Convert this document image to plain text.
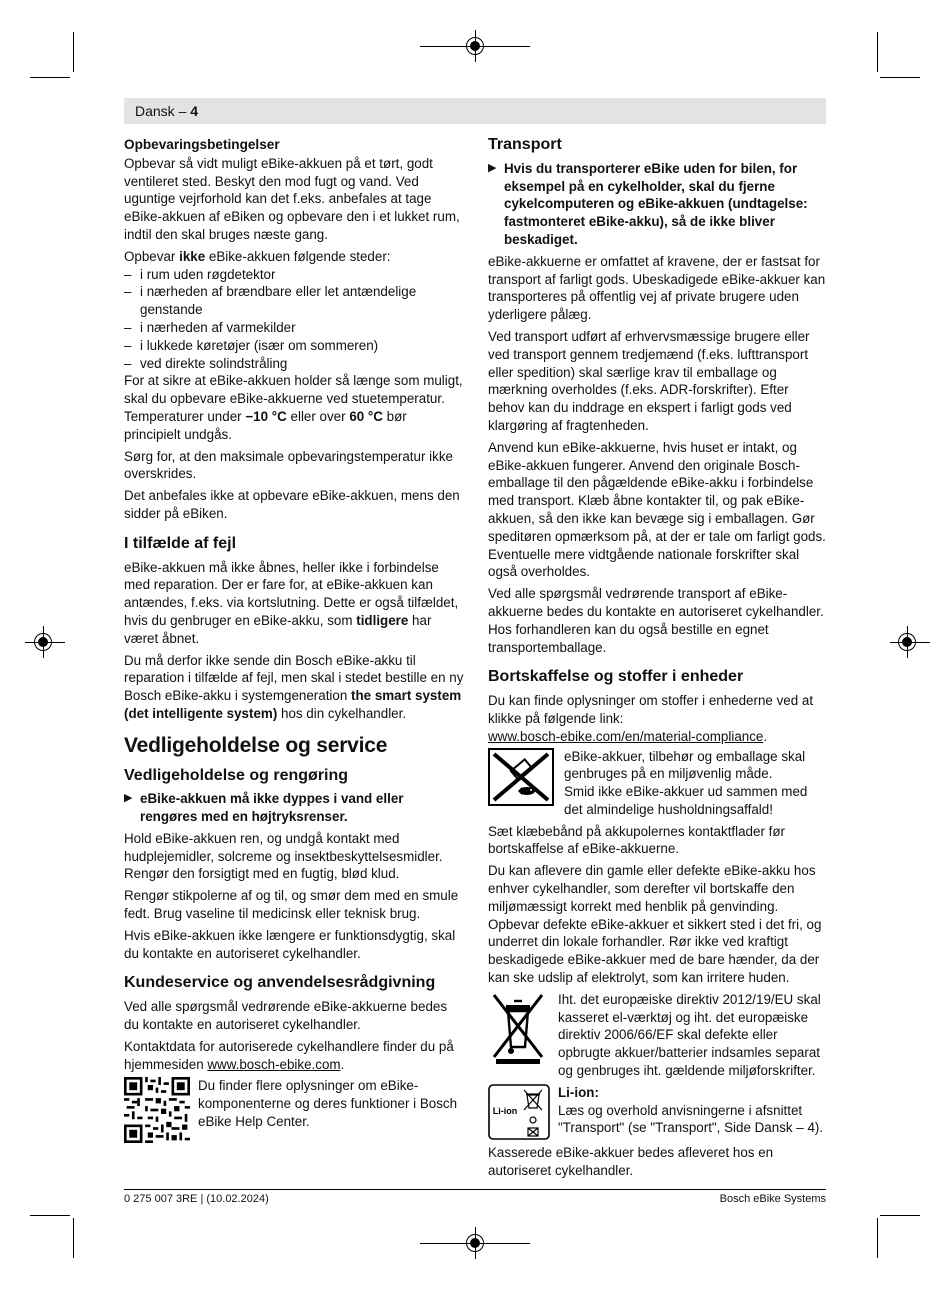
Dansk – 4
Opbevaringsbetingelser

Opbevar så vidt muligt eBike-akkuen på et tørt, godt ventileret sted. Beskyt den mod fugt og vand. Ved uguntige vejrforhold kan det f.eks. anbefales at tage eBike-akkuen af eBiken og opbevare den i et lukket rum, indtil den skal bruges næste gang.

Opbevar ikke eBike-akkuen følgende steder:

– i rum uden røgdetektor
– i nærheden af brændbare eller let antændelige genstande
– i nærheden af varmekilder
– i lukkede køretøjer (især om sommeren)
– ved direkte solindstråling

For at sikre at eBike-akkuen holder så længe som muligt, skal du opbevare eBike-akkuerne ved stuetemperatur.

Temperaturer under −10 °C eller over 60 °C bør principielt undgås.

Sørg for, at den maksimale opbevaringstemperatur ikke overskrides.

Det anbefales ikke at opbevare eBike-akkuen, mens den sidder på eBiken.

I tilfælde af fejl

eBike-akkuen må ikke åbnes, heller ikke i forbindelse med reparation. Der er fare for, at eBike-akkuen kan antændes, f.eks. via kortslutning. Dette er også tilfældet, hvis du genbruger en eBike-akku, som tidligere har været åbnet.

Du må derfor ikke sende din Bosch eBike-akku til reparation i tilfælde af fejl, men skal i stedet bestille en ny Bosch eBike-akku i systemgeneration the smart system (det intelligente system) hos din cykelhandler.

Vedligeholdelse og service
Vedligeholdelse og rengøring
▶ eBike-akkuen må ikke dyppes i vand eller rengøres med en højtryksrenser.

Hold eBike-akkuen ren, og undgå kontakt med hudplejemidler, solcreme og insektbeskyttelsesmidler. Rengør den forsigtigt med en fugtig, blød klud.

Rengør stikpolerne af og til, og smør dem med en smule fedt. Brug vaseline til medicinsk eller teknisk brug.

Hvis eBike-akkuen ikke længere er funktionsdygtig, skal du kontakte en autoriseret cykelhandler.

Kundeservice og anvendelsesrådgivning

Ved alle spørgsmål vedrørende eBike-akkuerne bedes du kontakte en autoriseret cykelhandler.

Kontaktdata for autoriserede cykelhandlere finder du på hjemmesiden www.bosch-ebike.com.

Du finder flere oplysninger om eBike-komponenterne og deres funktioner i Bosch eBike Help Center.
Transport
▶ Hvis du transporterer eBike uden for bilen, for eksempel på en cykelholder, skal du fjerne cykelcomputeren og eBike-akkuen (undtagelse: fastmonteret eBike-akku), så de ikke bliver beskadiget.

eBike-akkuerne er omfattet af kravene, der er fastsat for transport af farligt gods. Ubeskadigede eBike-akkuer kan transporteres på offentlig vej af private brugere uden yderligere pålæg.

Ved transport udført af erhvervsmæssige brugere eller ved transport gennem tredjemænd (f.eks. lufttransport eller spedition) skal særlige krav til emballage og mærkning overholdes (f.eks. ADR-forskrifter). Efter behov kan du inddrage en ekspert i farligt gods ved klargøring af fragtenheden.

Anvend kun eBike-akkuerne, hvis huset er intakt, og eBike-akkuen fungerer. Anvend den originale Bosch-emballage til den pågældende eBike-akku i forbindelse med transport. Klæb åbne kontakter til, og pak eBike-akkuen, så den ikke kan bevæge sig i emballagen. Gør speditøren opmærksom på, at der er tale om farligt gods. Eventuelle mere vidtgående nationale forskrifter skal også overholdes.

Ved alle spørgsmål vedrørende transport af eBike-akkuerne bedes du kontakte en autoriseret cykelhandler. Hos forhandleren kan du også bestille en egnet transportemballage.

Bortskaffelse og stoffer i enheder

Du kan finde oplysninger om stoffer i enhederne ved at klikke på følgende link:
www.bosch-ebike.com/en/material-compliance.

eBike-akkuer, tilbehør og emballage skal genbruges på en miljøvenlig måde.
Smid ikke eBike-akkuer ud sammen med det almindelige husholdningsaffald!

Sæt klæbebånd på akkupolernes kontaktflader før bortskaffelse af eBike-akkuerne.

Du kan aflevere din gamle eller defekte eBike-akku hos enhver cykelhandler, som derefter vil bortskaffe den miljømæssigt korrekt med henblik på genvinding. Opbevar defekte eBike-akkuer et sikkert sted i det fri, og underret din lokale forhandler. Rør ikke ved kraftigt beskadigede eBike-akkuer med de bare hænder, da der kan ske udslip af elektrolyt, som kan irritere huden.

Iht. det europæiske direktiv 2012/19/EU skal kasseret el-værktøj og iht. det europæiske direktiv 2006/66/EF skal defekte eller opbrugte akkuer/batterier indsamles separat og genbruges iht. gældende miljøforskrifter.
Li-ion
Li-ion:
Læs og overhold anvisningerne i afsnittet "Transport" (se "Transport", Side Dansk – 4).

Kasserede eBike-akkuer bedes afleveret hos en autoriseret cykelhandler.

0 275 007 3RE | (10.02.2024)	Bosch eBike Systems
